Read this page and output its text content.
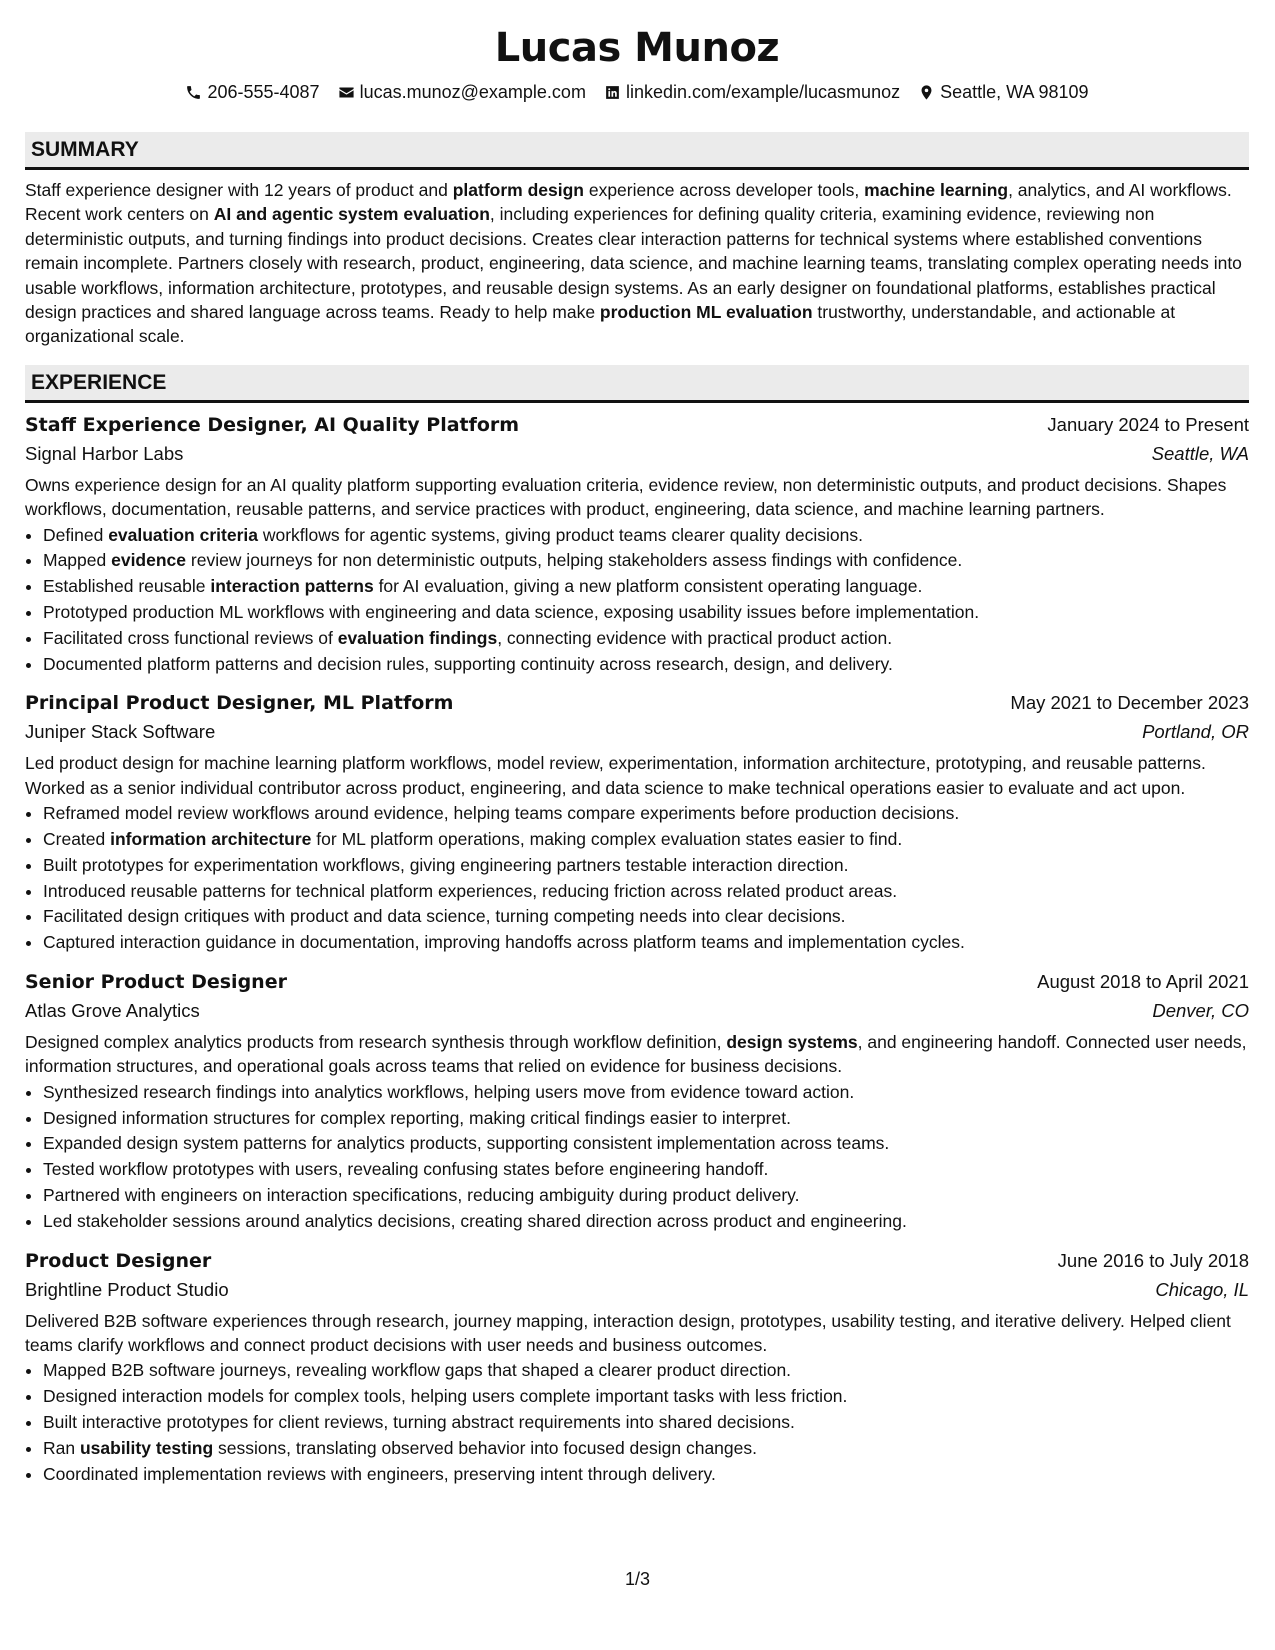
Lucas Munoz
206-555-4087 lucas.munoz@example.com linkedin.com/example/lucasmunoz Seattle, WA 98109
SUMMARY

Staff experience designer with 12 years of product and platform design experience across developer tools, machine learning, analytics, and AI workflows. Recent work centers on AI and agentic system evaluation, including experiences for defining quality criteria, examining evidence, reviewing non deterministic outputs, and turning findings into product decisions. Creates clear interaction patterns for technical systems where established conventions remain incomplete. Partners closely with research, product, engineering, data science, and machine learning teams, translating complex operating needs into usable workflows, information architecture, prototypes, and reusable design systems. As an early designer on foundational platforms, establishes practical design practices and shared language across teams. Ready to help make production ML evaluation trustworthy, understandable, and actionable at organizational scale.

EXPERIENCE
Staff Experience Designer, AI Quality Platform	January 2024 to Present
Signal Harbor Labs	Seattle, WA

Owns experience design for an AI quality platform supporting evaluation criteria, evidence review, non deterministic outputs, and product decisions. Shapes workflows, documentation, reusable patterns, and service practices with product, engineering, data science, and machine learning partners.

• Defined evaluation criteria workflows for agentic systems, giving product teams clearer quality decisions.
• Mapped evidence review journeys for non deterministic outputs, helping stakeholders assess findings with confidence.
• Established reusable interaction patterns for AI evaluation, giving a new platform consistent operating language.
• Prototyped production ML workflows with engineering and data science, exposing usability issues before implementation.
• Facilitated cross functional reviews of evaluation findings, connecting evidence with practical product action.
• Documented platform patterns and decision rules, supporting continuity across research, design, and delivery.
Principal Product Designer, ML Platform	May 2021 to December 2023
Juniper Stack Software	Portland, OR

Led product design for machine learning platform workflows, model review, experimentation, information architecture, prototyping, and reusable patterns. Worked as a senior individual contributor across product, engineering, and data science to make technical operations easier to evaluate and act upon.

• Reframed model review workflows around evidence, helping teams compare experiments before production decisions.
• Created information architecture for ML platform operations, making complex evaluation states easier to find.
• Built prototypes for experimentation workflows, giving engineering partners testable interaction direction.
• Introduced reusable patterns for technical platform experiences, reducing friction across related product areas.
• Facilitated design critiques with product and data science, turning competing needs into clear decisions.
• Captured interaction guidance in documentation, improving handoffs across platform teams and implementation cycles.
Senior Product Designer	August 2018 to April 2021
Atlas Grove Analytics	Denver, CO

Designed complex analytics products from research synthesis through workflow definition, design systems, and engineering handoff. Connected user needs, information structures, and operational goals across teams that relied on evidence for business decisions.

• Synthesized research findings into analytics workflows, helping users move from evidence toward action.
• Designed information structures for complex reporting, making critical findings easier to interpret.
• Expanded design system patterns for analytics products, supporting consistent implementation across teams.
• Tested workflow prototypes with users, revealing confusing states before engineering handoff.
• Partnered with engineers on interaction specifications, reducing ambiguity during product delivery.
• Led stakeholder sessions around analytics decisions, creating shared direction across product and engineering.
Product Designer	June 2016 to July 2018
Brightline Product Studio	Chicago, IL

Delivered B2B software experiences through research, journey mapping, interaction design, prototypes, usability testing, and iterative delivery. Helped client teams clarify workflows and connect product decisions with user needs and business outcomes.

• Mapped B2B software journeys, revealing workflow gaps that shaped a clearer product direction.
• Designed interaction models for complex tools, helping users complete important tasks with less friction.
• Built interactive prototypes for client reviews, turning abstract requirements into shared decisions.
• Ran usability testing sessions, translating observed behavior into focused design changes.
• Coordinated implementation reviews with engineers, preserving intent through delivery.
1/3
